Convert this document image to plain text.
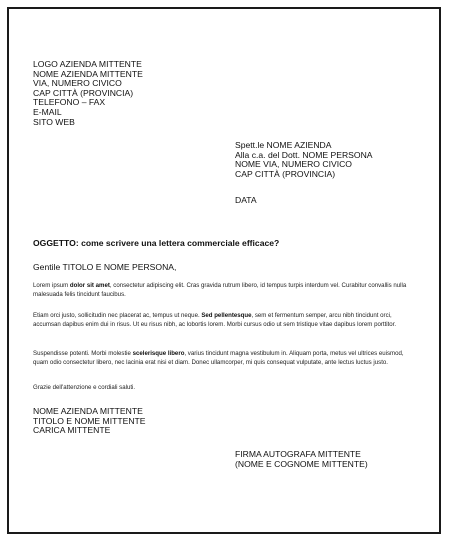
LOGO AZIENDA MITTENTE
NOME AZIENDA MITTENTE
VIA, NUMERO CIVICO
CAP CITTÀ (PROVINCIA)
TELEFONO – FAX
E-MAIL
SITO WEB
Spett.le NOME AZIENDA
Alla c.a. del Dott. NOME PERSONA
NOME VIA, NUMERO CIVICO
CAP CITTÀ (PROVINCIA)
DATA
OGGETTO: come scrivere una lettera commerciale efficace?
Gentile TITOLO E NOME PERSONA,
Lorem ipsum dolor sit amet, consectetur adipiscing elit. Cras gravida rutrum libero, id tempus turpis interdum vel. Curabitur convallis nulla malesuada felis tincidunt faucibus.
Etiam orci justo, sollicitudin nec placerat ac, tempus ut neque. Sed pellentesque, sem et fermentum semper, arcu nibh tincidunt orci, accumsan dapibus enim dui in risus. Ut eu risus nibh, ac lobortis lorem. Morbi cursus odio ut sem tristique vitae dapibus lorem porttitor.
Suspendisse potenti. Morbi molestie scelerisque libero, varius tincidunt magna vestibulum in. Aliquam porta, metus vel ultrices euismod, quam odio consectetur libero, nec lacinia erat nisi et diam. Donec ullamcorper, mi quis consequat vulputate, ante lectus luctus justo.
Grazie dell'attenzione e cordiali saluti.
NOME AZIENDA MITTENTE
TITOLO E NOME MITTENTE
CARICA MITTENTE
FIRMA AUTOGRAFA MITTENTE
(NOME E COGNOME MITTENTE)
